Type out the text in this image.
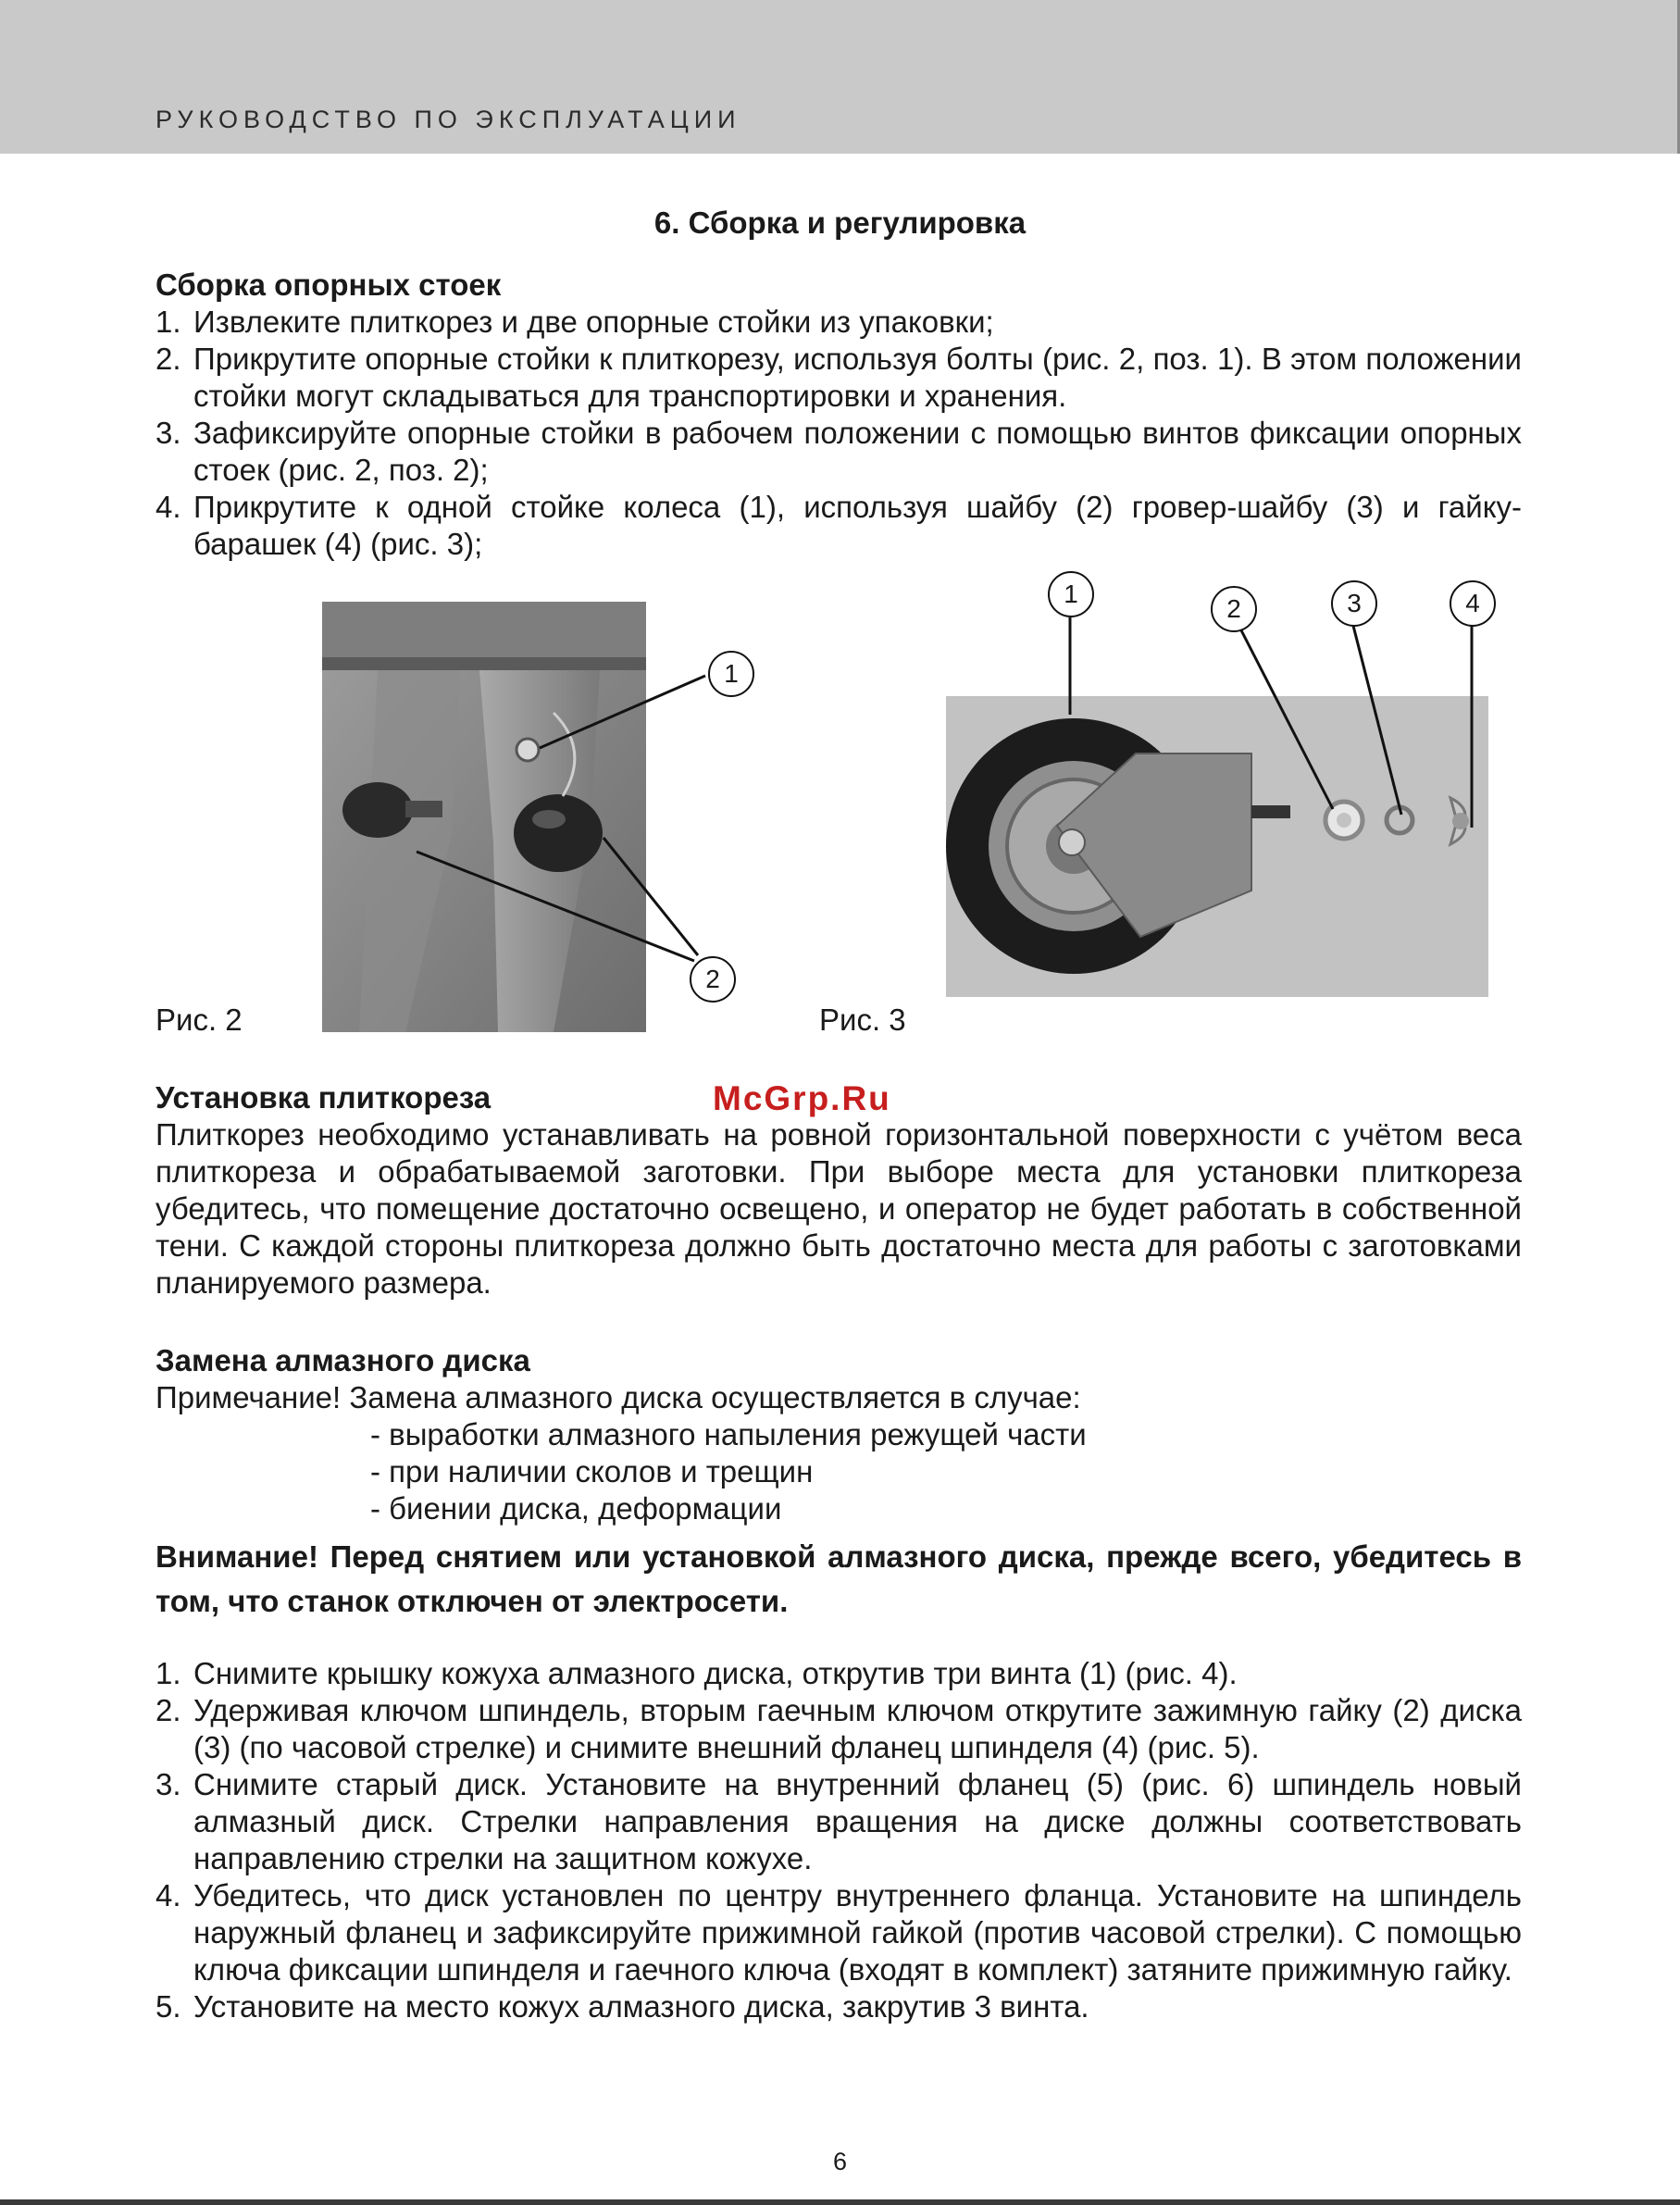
РУКОВОДСТВО ПО ЭКСПЛУАТАЦИИ
6. Сборка и регулировка
Сборка опорных стоек
1. Извлеките плиткорез и две опорные стойки из упаковки;
2. Прикрутите опорные стойки к плиткорезу, используя болты (рис. 2, поз. 1). В этом положении стойки могут складываться для транспортировки и хранения.
3. Зафиксируйте опорные стойки в рабочем положении с помощью винтов фиксации опорных стоек (рис. 2, поз. 2);
4. Прикрутите к одной стойке колеса (1), используя шайбу (2) гровер-шайбу (3) и гайку-барашек (4) (рис. 3);
1
2
1
2	3	4
Рис. 2	Рис. 3
McGrp.Ru
Установка плиткореза
Плиткорез необходимо устанавливать на ровной горизонтальной поверхности с учётом веса плиткореза и обрабатываемой заготовки. При выборе места для установки плиткореза убедитесь, что помещение достаточно освещено, и оператор не будет работать в собственной тени. С каждой стороны плиткореза должно быть достаточно места для работы с заготовками планируемого размера.
Замена алмазного диска
Примечание! Замена алмазного диска осуществляется в случае:
- выработки алмазного напыления режущей части
- при наличии сколов и трещин
- биении диска, деформации
Внимание! Перед снятием или установкой алмазного диска, прежде всего, убедитесь в том, что станок отключен от электросети.
1. Снимите крышку кожуха алмазного диска, открутив три винта (1) (рис. 4).
2. Удерживая ключом шпиндель, вторым гаечным ключом открутите зажимную гайку (2) диска (3) (по часовой стрелке) и снимите внешний фланец шпинделя (4) (рис. 5).
3. Снимите старый диск. Установите на внутренний фланец (5) (рис. 6) шпиндель новый алмазный диск. Стрелки направления вращения на диске должны соответствовать направлению стрелки на защитном кожухе.
4. Убедитесь, что диск установлен по центру внутреннего фланца. Установите на шпиндель наружный фланец и зафиксируйте прижимной гайкой (против часовой стрелки). С помощью ключа фиксации шпинделя и гаечного ключа (входят в комплект) затяните прижимную гайку.
5. Установите на место кожух алмазного диска, закрутив 3 винта.
6
